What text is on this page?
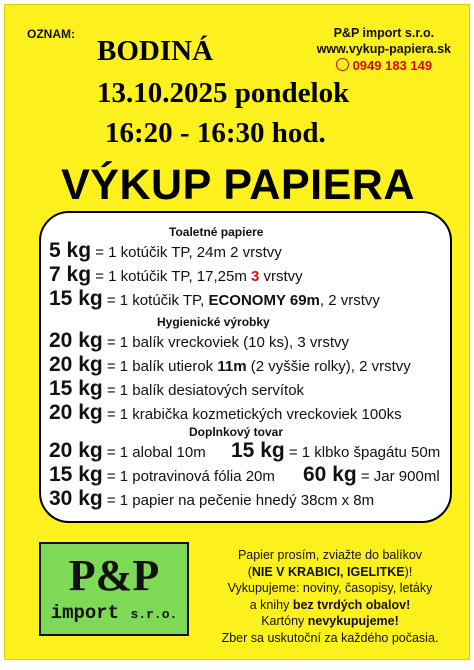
OZNAM:
BODINÁ
13.10.2025 pondelok
16:20 - 16:30 hod.
P&P import s.r.o.
www.vykup-papiera.sk
0949 183 149
VÝKUP PAPIERA
Toaletné papiere
5 kg = 1 kotúčik TP, 24m 2 vrstvy
7 kg = 1 kotúčik TP, 17,25m 3 vrstvy
15 kg = 1 kotúčik TP, ECONOMY 69m, 2 vrstvy
Hygienické výrobky
20 kg = 1 balík vreckoviek (10 ks), 3 vrstvy
20 kg = 1 balík utierok 11m (2 vyššie rolky), 2 vrstvy
15 kg = 1 balík desiatových servítok
20 kg = 1 krabička kozmetických vreckoviek 100ks
Doplnkový tovar
20 kg = 1 alobal 10m 15 kg = 1 klbko špagátu 50m
15 kg = 1 potravinová fólia 20m 60 kg = Jar 900ml
30 kg = 1 papier na pečenie hnedý 38cm x 8m
P&P
import s.r.o.
Papier prosím, zviažte do balíkov
(NIE V KRABICI, IGELITKE)!
Vykupujeme: noviny, časopisy, letáky
a knihy bez tvrdých obalov!
Kartóny nevykupujeme!
Zber sa uskutoční za každého počasia.
